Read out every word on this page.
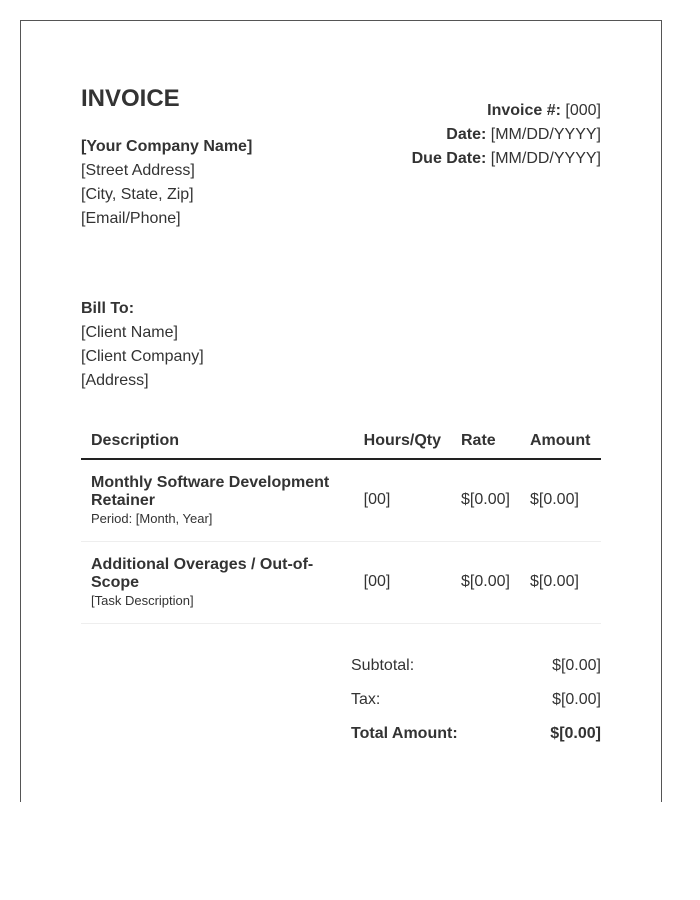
INVOICE
[Your Company Name]
[Street Address]
[City, State, Zip]
[Email/Phone]
Invoice #: [000]
Date: [MM/DD/YYYY]
Due Date: [MM/DD/YYYY]
Bill To:
[Client Name]
[Client Company]
[Address]
Description	Hours/Qty	Rate	Amount

Monthly Software Development Retainer
Period: [Month, Year]	[00]	$[0.00]	$[0.00]

Additional Overages / Out-of-Scope
[Task Description]	[00]	$[0.00]	$[0.00]
Subtotal:	$[0.00]
Tax:	$[0.00]
Total Amount:	$[0.00]
